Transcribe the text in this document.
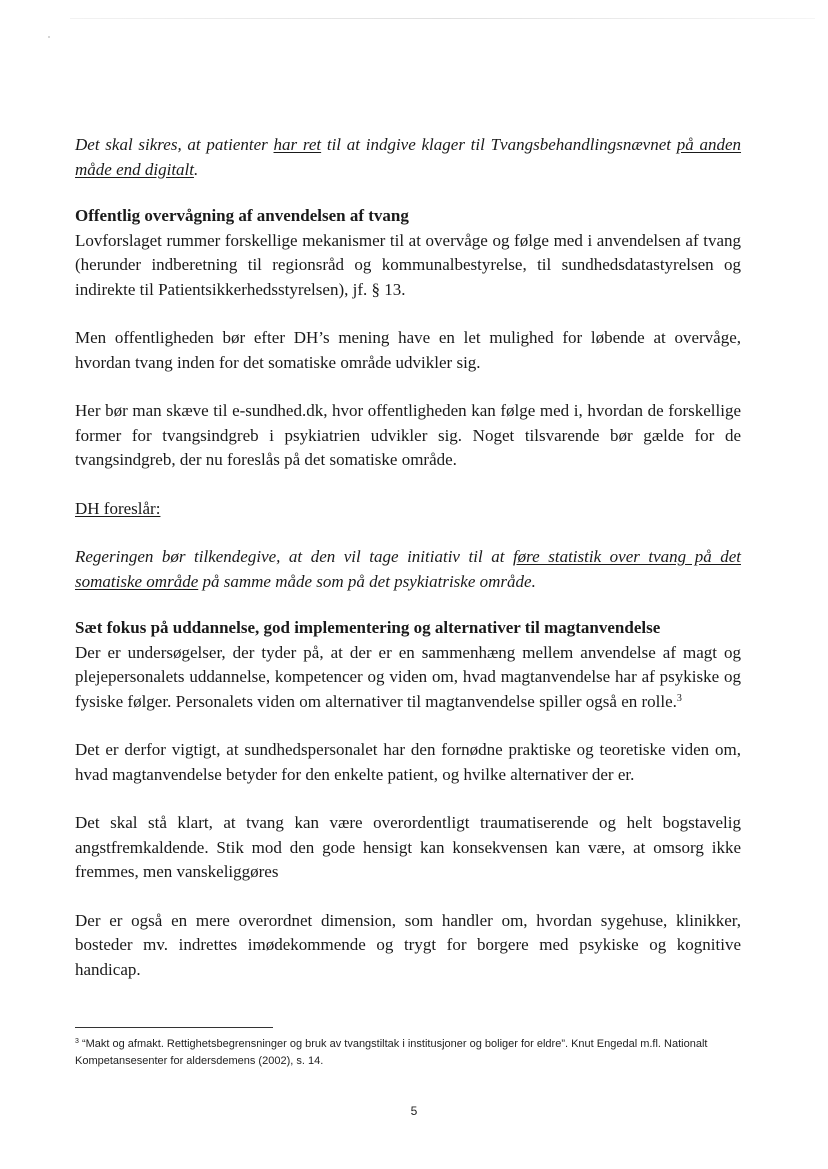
Det skal sikres, at patienter har ret til at indgive klager til Tvangsbehandlingsnævnet på anden måde end digitalt.

Offentlig overvågning af anvendelsen af tvang

Lovforslaget rummer forskellige mekanismer til at overvåge og følge med i anvendelsen af tvang (herunder indberetning til regionsråd og kommunalbestyrelse, til sundhedsdatastyrelsen og indirekte til Patientsikkerhedsstyrelsen), jf. § 13.

Men offentligheden bør efter DH’s mening have en let mulighed for løbende at overvåge, hvordan tvang inden for det somatiske område udvikler sig.

Her bør man skæve til e-sundhed.dk, hvor offentligheden kan følge med i, hvordan de forskellige former for tvangsindgreb i psykiatrien udvikler sig. Noget tilsvarende bør gælde for de tvangsindgreb, der nu foreslås på det somatiske område.

DH foreslår:

Regeringen bør tilkendegive, at den vil tage initiativ til at føre statistik over tvang på det somatiske område på samme måde som på det psykiatriske område.

Sæt fokus på uddannelse, god implementering og alternativer til magtanvendelse

Der er undersøgelser, der tyder på, at der er en sammenhæng mellem anvendelse af magt og plejepersonalets uddannelse, kompetencer og viden om, hvad magtanvendelse har af psykiske og fysiske følger. Personalets viden om alternativer til magtanvendelse spiller også en rolle.$^3$

Det er derfor vigtigt, at sundhedspersonalet har den fornødne praktiske og teoretiske viden om, hvad magtanvendelse betyder for den enkelte patient, og hvilke alternativer der er.

Det skal stå klart, at tvang kan være overordentligt traumatiserende og helt bogstavelig angstfremkaldende. Stik mod den gode hensigt kan konsekvensen kan være, at omsorg ikke fremmes, men vanskeliggøres

Der er også en mere overordnet dimension, som handler om, hvordan sygehuse, klinikker, bosteder mv. indrettes imødekommende og trygt for borgere med psykiske og kognitive handicap.

$^3$ “Makt og afmakt. Rettighetsbegrensninger og bruk av tvangstiltak i institusjoner og boliger for eldre”. Knut Engedal m.fl. Nationalt Kompetansesenter for aldersdemens (2002), s. 14.
5
